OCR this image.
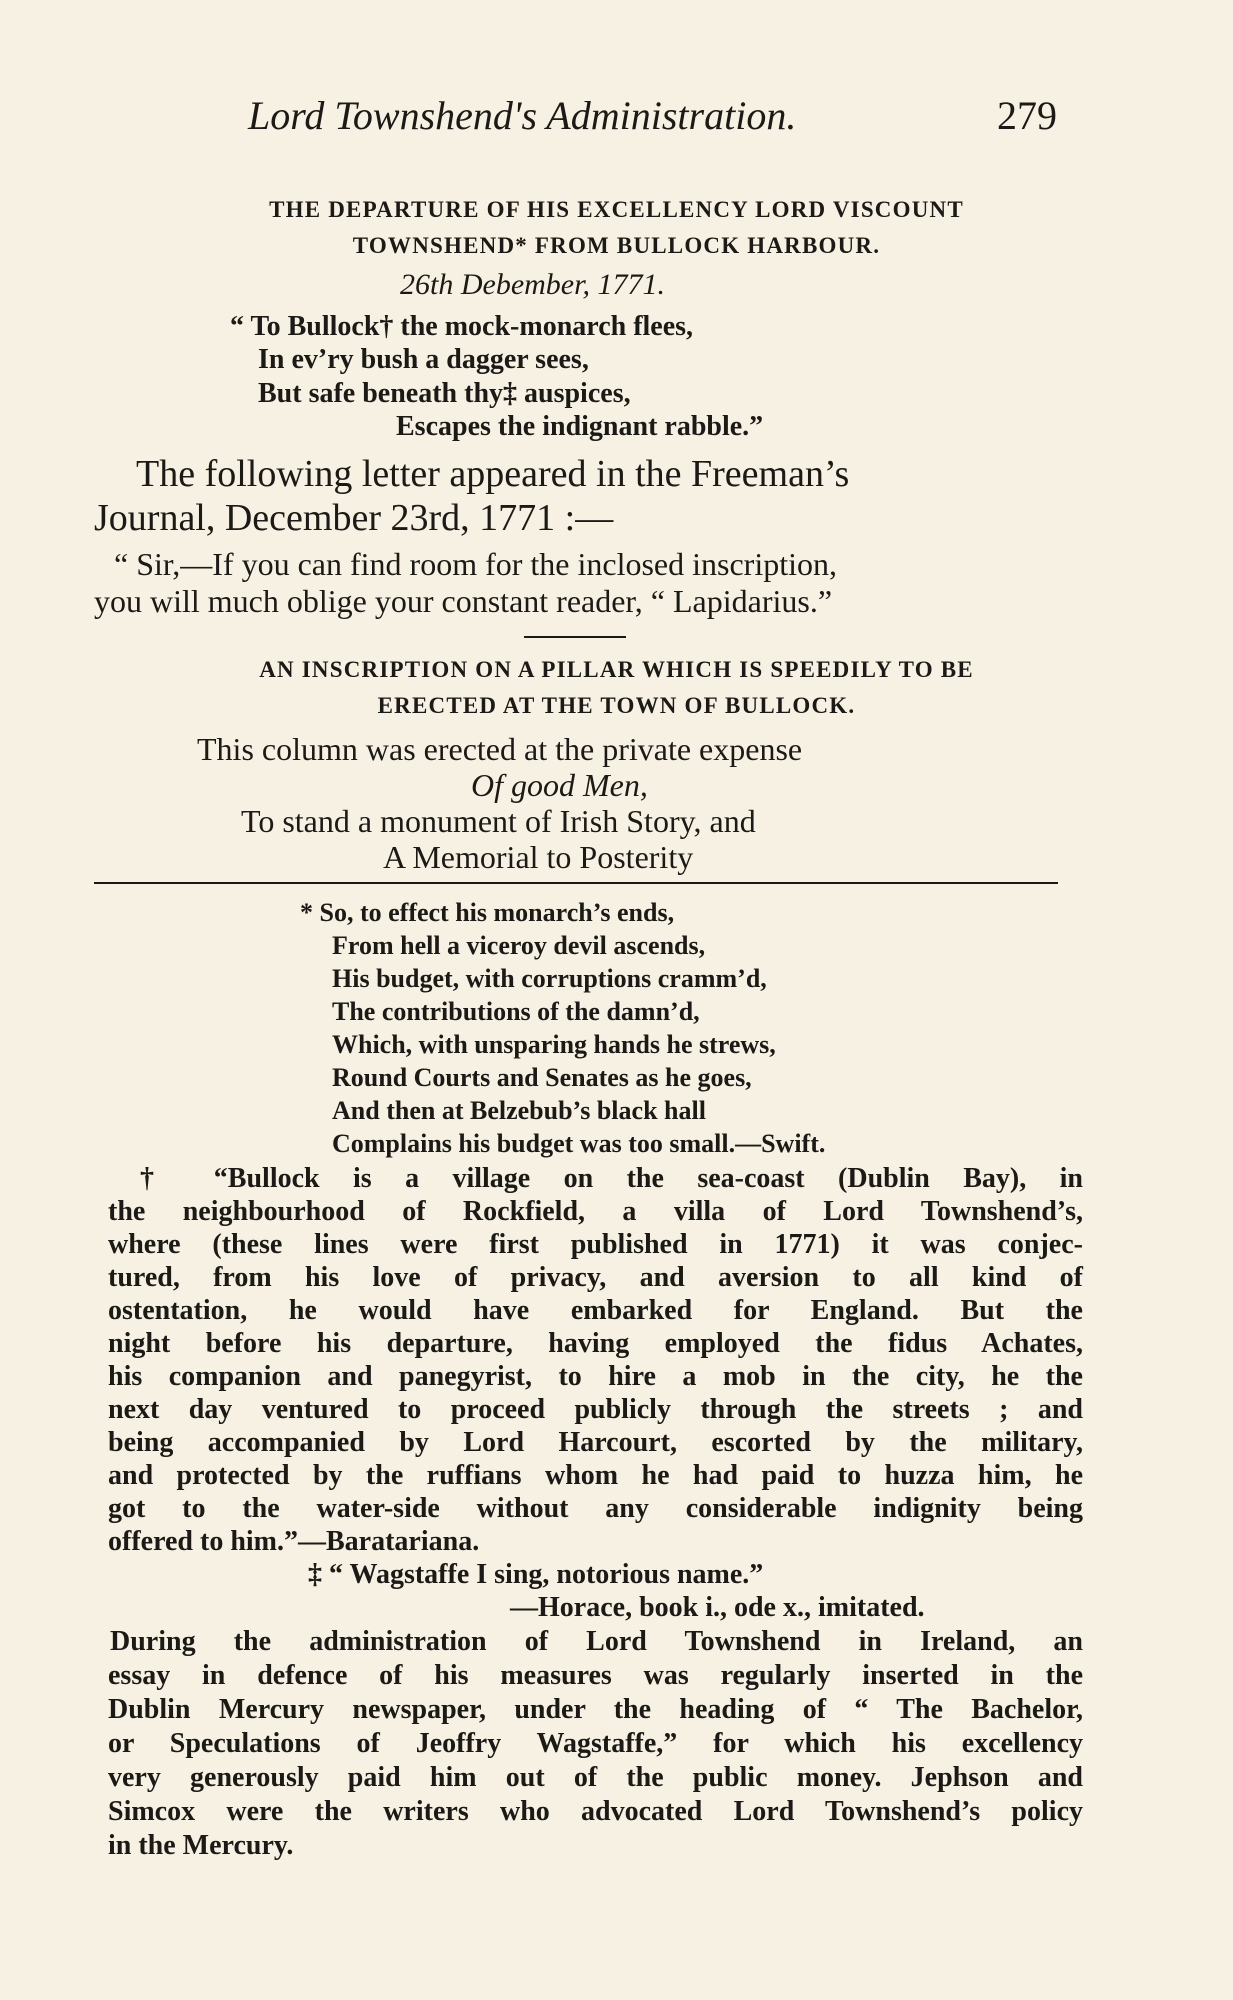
Lord Townshend's Administration.	279
THE DEPARTURE OF HIS EXCELLENCY LORD VISCOUNT
TOWNSHEND* FROM BULLOCK HARBOUR.
26th Debember, 1771.
“ To Bullock† the mock-monarch flees,
In ev’ry bush a dagger sees,
But safe beneath thy‡ auspices,
Escapes the indignant rabble.”
The following letter appeared in the Freeman’s
Journal, December 23rd, 1771 :—
“ Sir,—If you can find room for the inclosed inscription,
you will much oblige your constant reader, “ Lapidarius.”
AN INSCRIPTION ON A PILLAR WHICH IS SPEEDILY TO BE
ERECTED AT THE TOWN OF BULLOCK.
This column was erected at the private expense
Of good Men,
To stand a monument of Irish Story, and
A Memorial to Posterity
* So, to effect his monarch’s ends,
From hell a viceroy devil ascends,
His budget, with corruptions cramm’d,
The contributions of the damn’d,
Which, with unsparing hands he strews,
Round Courts and Senates as he goes,
And then at Belzebub’s black hall
Complains his budget was too small.—Swift.
† “Bullock is a village on the sea-coast (Dublin Bay), in
the neighbourhood of Rockfield, a villa of Lord Townshend’s,
where (these lines were first published in 1771) it was conjec-
tured, from his love of privacy, and aversion to all kind of
ostentation, he would have embarked for England. But the
night before his departure, having employed the fidus Achates,
his companion and panegyrist, to hire a mob in the city, he the
next day ventured to proceed publicly through the streets ; and
being accompanied by Lord Harcourt, escorted by the military,
and protected by the ruffians whom he had paid to huzza him, he
got to the water-side without any considerable indignity being
offered to him.”—Baratariana.
‡ “ Wagstaffe I sing, notorious name.”
—Horace, book i., ode x., imitated.
During the administration of Lord Townshend in Ireland, an
essay in defence of his measures was regularly inserted in the
Dublin Mercury newspaper, under the heading of “ The Bachelor,
or Speculations of Jeoffry Wagstaffe,” for which his excellency
very generously paid him out of the public money. Jephson and
Simcox were the writers who advocated Lord Townshend’s policy
in the Mercury.
